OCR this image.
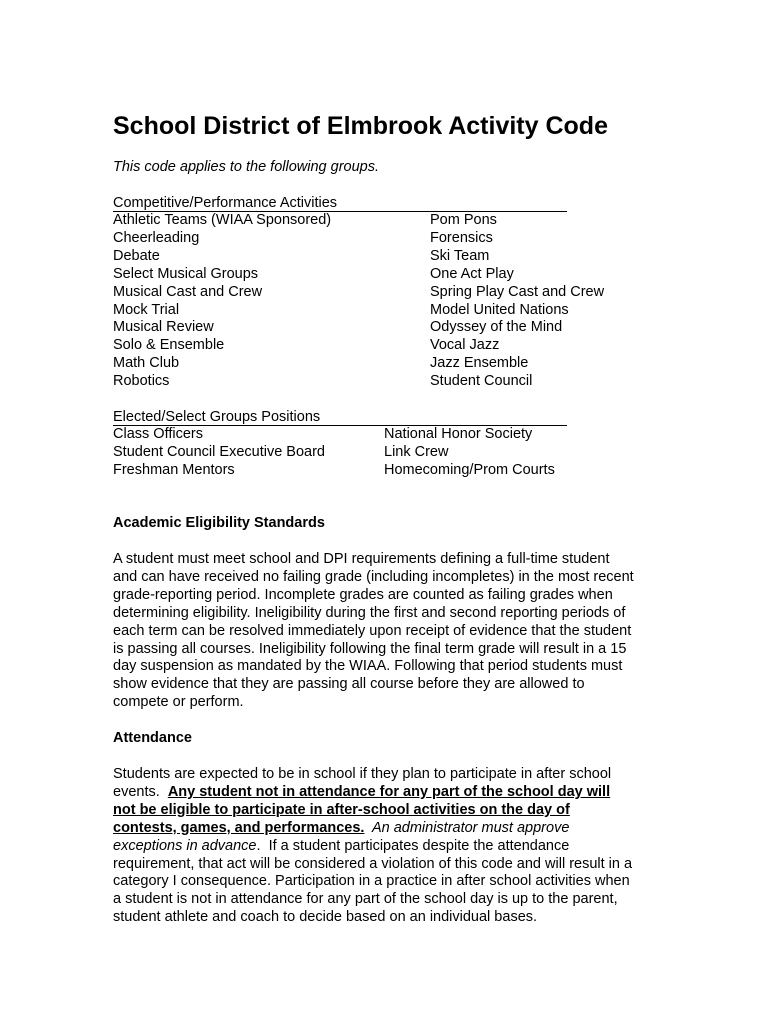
School District of Elmbrook Activity Code
This code applies to the following groups.
Competitive/Performance Activities
Athletic Teams (WIAA Sponsored)
Cheerleading
Debate
Select Musical Groups
Musical Cast and Crew
Mock Trial
Musical Review
Solo & Ensemble
Math Club
Robotics
Pom Pons
Forensics
Ski Team
One Act Play
Spring Play Cast and Crew
Model United Nations
Odyssey of the Mind
Vocal Jazz
Jazz Ensemble
Student Council
Elected/Select Groups Positions
Class Officers
Student Council Executive Board
Freshman Mentors
National Honor Society
Link Crew
Homecoming/Prom Courts
Academic Eligibility Standards

A student must meet school and DPI requirements defining a full-time student
and can have received no failing grade (including incompletes) in the most recent
grade-reporting period. Incomplete grades are counted as failing grades when
determining eligibility. Ineligibility during the first and second reporting periods of
each term can be resolved immediately upon receipt of evidence that the student
is passing all courses. Ineligibility following the final term grade will result in a 15
day suspension as mandated by the WIAA. Following that period students must
show evidence that they are passing all course before they are allowed to
compete or perform.

Attendance

Students are expected to be in school if they plan to participate in after school
events.  Any student not in attendance for any part of the school day will
not be eligible to participate in after-school activities on the day of
contests, games, and performances.  An administrator must approve
exceptions in advance.  If a student participates despite the attendance
requirement, that act will be considered a violation of this code and will result in a
category I consequence. Participation in a practice in after school activities when
a student is not in attendance for any part of the school day is up to the parent,
student athlete and coach to decide based on an individual bases.
